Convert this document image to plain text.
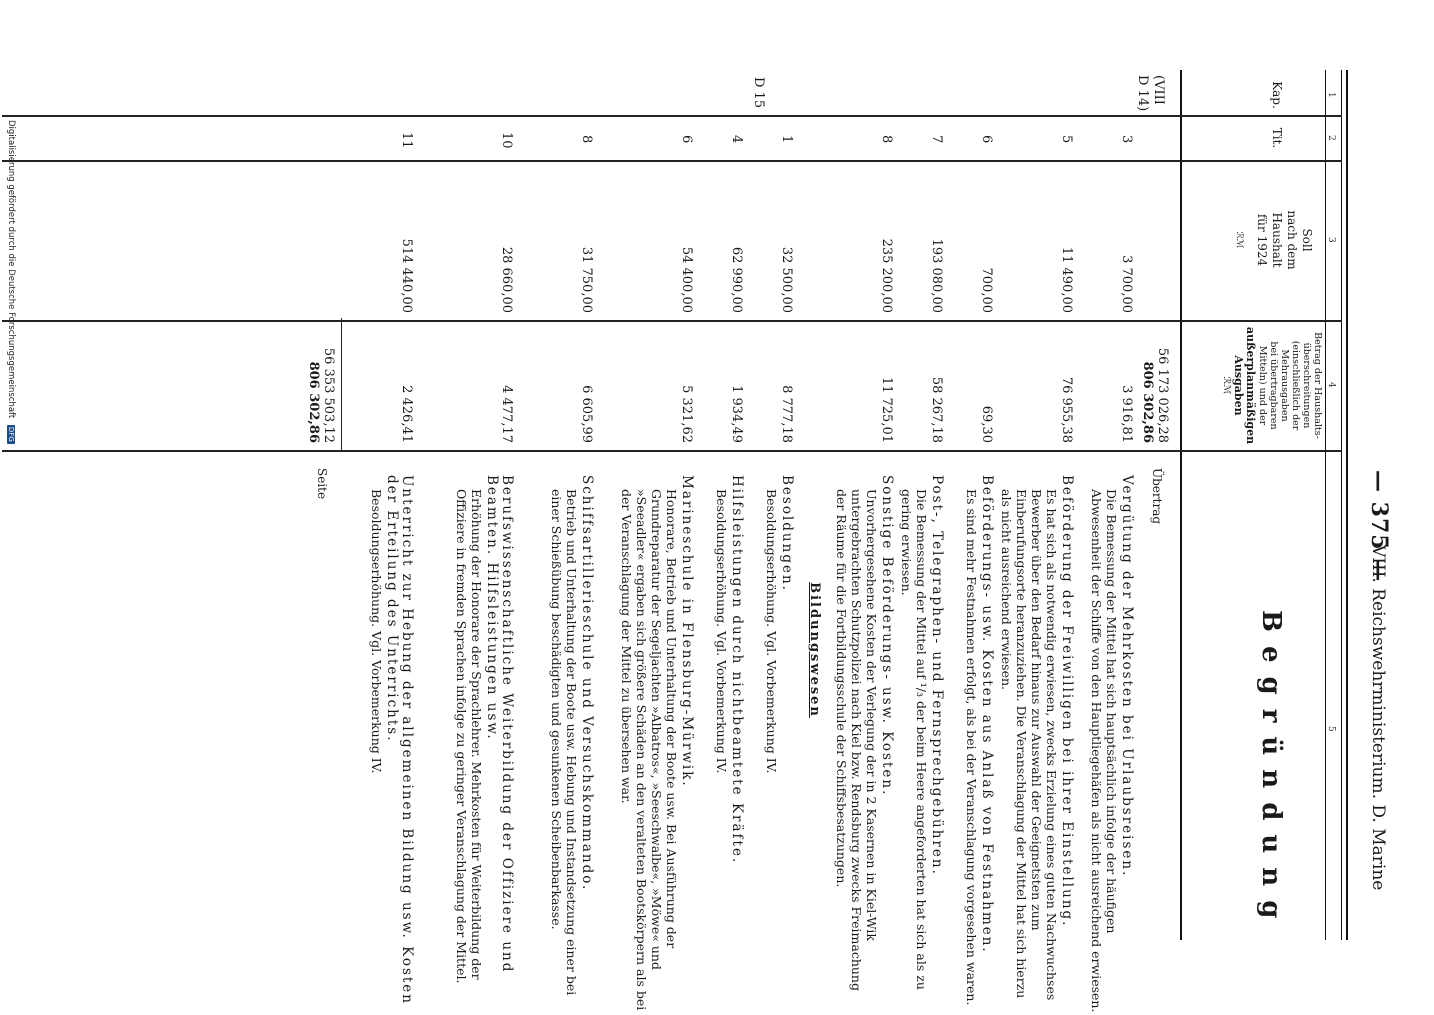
— 375 —
VIII. Reichswehrministerium. D. Marine
1
2
3
4
5
Kap.
Tit.
Soll
nach dem
Haushalt
für 1924
ℛℳ
Betrag der Haushalts-
überschreitungen
(einschließlich der
Mehrausgaben
bei übertragbaren
Mitteln) und der
außerplanmäßigen
Ausgaben
ℛℳ
Begründung
(VIII
D 14)
D 15
56 173 026,28
806 302,86
Übertrag
3
3 700,00
3 916,81
Vergütung der Mehrkosten bei Urlaubsreisen.
Die Bemessung der Mittel hat sich hauptsächlich infolge der häufigen Abwesenheit der Schiffe von den Hauptliegehäfen als nicht ausreichend erwiesen.
5
11 490,00
76 955,38
Beförderung der Freiwilligen bei ihrer Einstellung.
Es hat sich als notwendig erwiesen, zwecks Erzielung eines guten Nachwuchses Bewerber über den Bedarf hinaus zur Auswahl der Geeignetsten zum Einberufungsorte heranzuziehen. Die Veranschlagung der Mittel hat sich hierzu als nicht ausreichend erwiesen.
6
700,00
69,30
Beförderungs- usw. Kosten aus Anlaß von Festnahmen.
Es sind mehr Festnahmen erfolgt, als bei der Veranschlagung vorgesehen waren.
7
193 080,00
58 267,18
Post-, Telegraphen- und Fernsprechgebühren.
Die Bemessung der Mittel auf ¹/₃ der beim Heere angeforderten hat sich als zu gering erwiesen.
8
235 200,00
11 725,01
Sonstige Beförderungs- usw. Kosten.
Unvorhergesehene Kosten der Verlegung der in 2 Kasernen in Kiel-Wik untergebrachten Schutzpolizei nach Kiel bzw. Rendsburg zwecks Freimachung der Räume für die Fortbildungsschule der Schiffsbesatzungen.
Bildungswesen
1
32 500,00
8 777,18
Besoldungen.
Besoldungserhöhung. Vgl. Vorbemerkung IV.
4
62 990,00
1 934,49
Hilfsleistungen durch nichtbeamtete Kräfte.
Besoldungserhöhung. Vgl. Vorbemerkung IV.
6
54 400,00
5 321,62
Marineschule in Flensburg-Mürwik.
Honorare, Betrieb und Unterhaltung der Boote usw. Bei Ausführung der Grundreparatur der Segeljachten »Albatros«, »Seeschwalbe«, »Möwe« und »Seeadler« ergaben sich größere Schäden an den veralteten Bootskörpern als bei der Veranschlagung der Mittel zu übersehen war.
8
31 750,00
6 605,99
Schiffsartillerieschule und Versuchskommando.
Betrieb und Unterhaltung der Boote usw. Hebung und Instandsetzung einer bei einer Schießübung beschädigten und gesunkenen Scheibenbarkasse.
10
28 660,00
4 477,17
Berufswissenschaftliche Weiterbildung der Offiziere und Beamten. Hilfsleistungen usw.
Erhöhung der Honorare der Sprachlehrer. Mehrkosten für Weiterbildung der Offiziere in fremden Sprachen infolge zu geringer Veranschlagung der Mittel.
11
514 440,00
2 426,41
Unterricht zur Hebung der allgemeinen Bildung usw. Kosten der Erteilung des Unterrichts.
Besoldungserhöhung. Vgl. Vorbemerkung IV.
56 353 503,12
806 302,86
Seite
Digitalisierung gefördert durch die Deutsche Forschungsgemeinschaft DFG
